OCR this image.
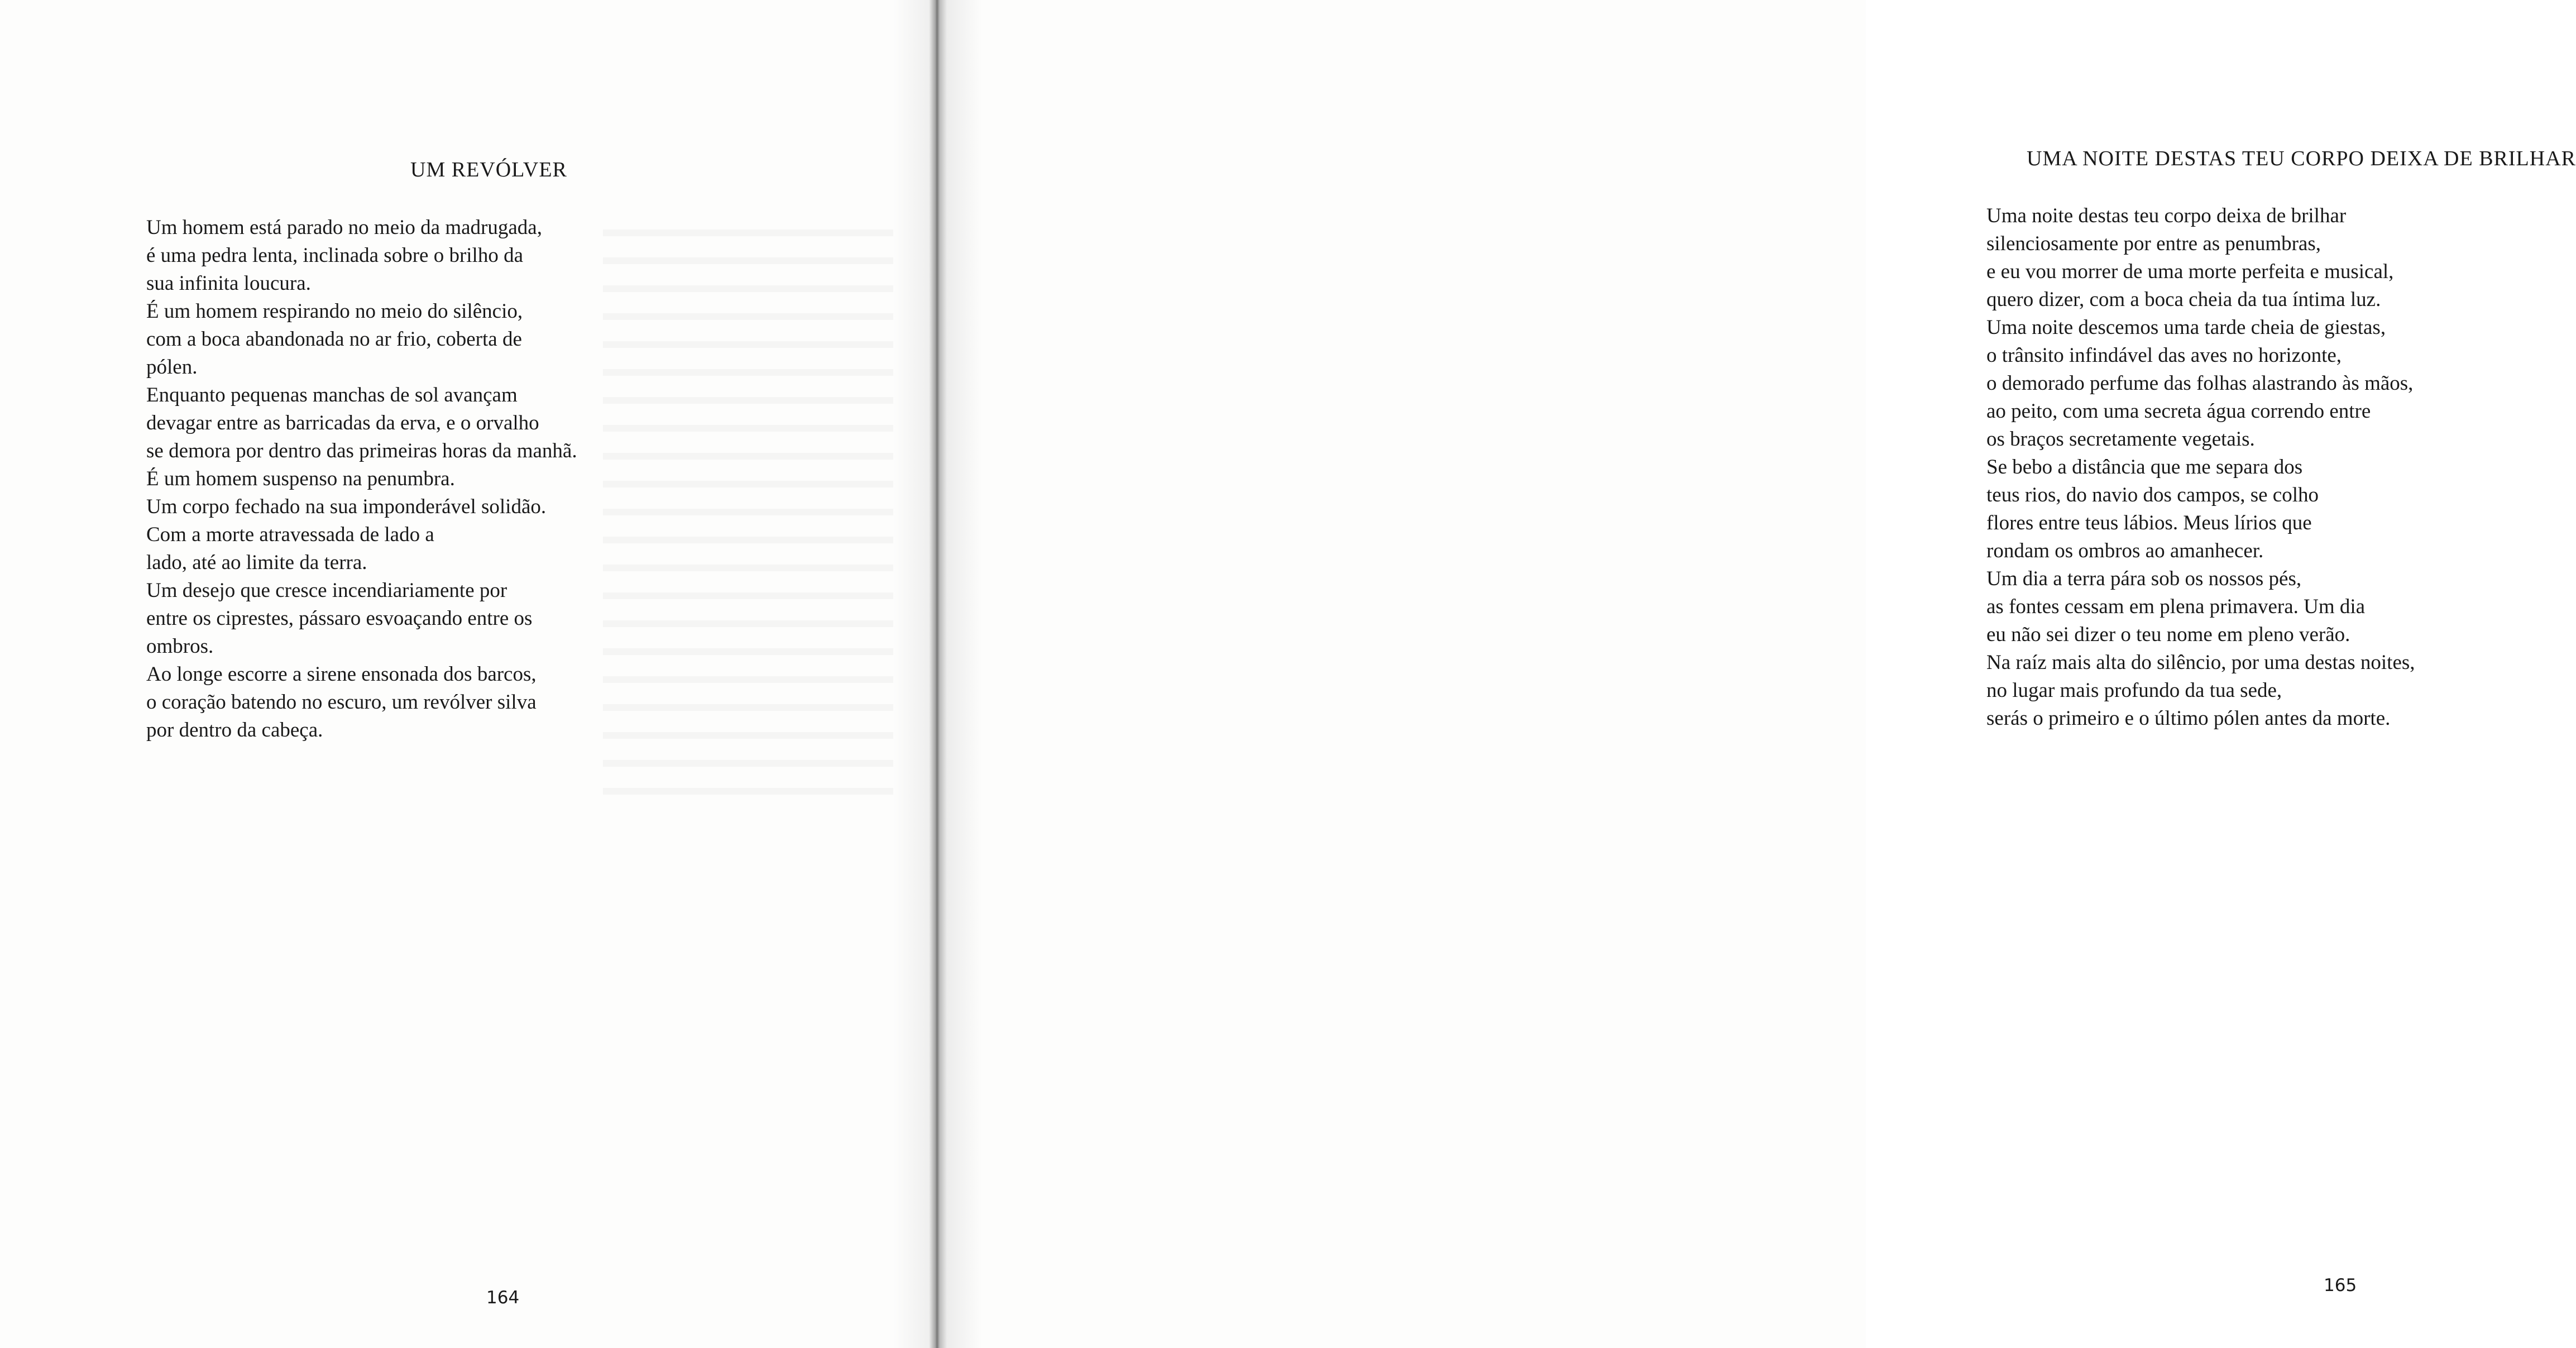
UM REVÓLVER
Um homem está parado no meio da madrugada,
é uma pedra lenta, inclinada sobre o brilho da
sua infinita loucura.
É um homem respirando no meio do silêncio,
com a boca abandonada no ar frio, coberta de
pólen.
Enquanto pequenas manchas de sol avançam
devagar entre as barricadas da erva, e o orvalho
se demora por dentro das primeiras horas da manhã.
É um homem suspenso na penumbra.
Um corpo fechado na sua imponderável solidão.
Com a morte atravessada de lado a
lado, até ao limite da terra.
Um desejo que cresce incendiariamente por
entre os ciprestes, pássaro esvoaçando entre os
ombros.
Ao longe escorre a sirene ensonada dos barcos,
o coração batendo no escuro, um revólver silva
por dentro da cabeça.
164
UMA NOITE DESTAS TEU CORPO DEIXA DE BRILHAR
Uma noite destas teu corpo deixa de brilhar
silenciosamente por entre as penumbras,
e eu vou morrer de uma morte perfeita e musical,
quero dizer, com a boca cheia da tua íntima luz.
Uma noite descemos uma tarde cheia de giestas,
o trânsito infindável das aves no horizonte,
o demorado perfume das folhas alastrando às mãos,
ao peito, com uma secreta água correndo entre
os braços secretamente vegetais.
Se bebo a distância que me separa dos
teus rios, do navio dos campos, se colho
flores entre teus lábios. Meus lírios que
rondam os ombros ao amanhecer.
Um dia a terra pára sob os nossos pés,
as fontes cessam em plena primavera. Um dia
eu não sei dizer o teu nome em pleno verão.
Na raíz mais alta do silêncio, por uma destas noites,
no lugar mais profundo da tua sede,
serás o primeiro e o último pólen antes da morte.
165
